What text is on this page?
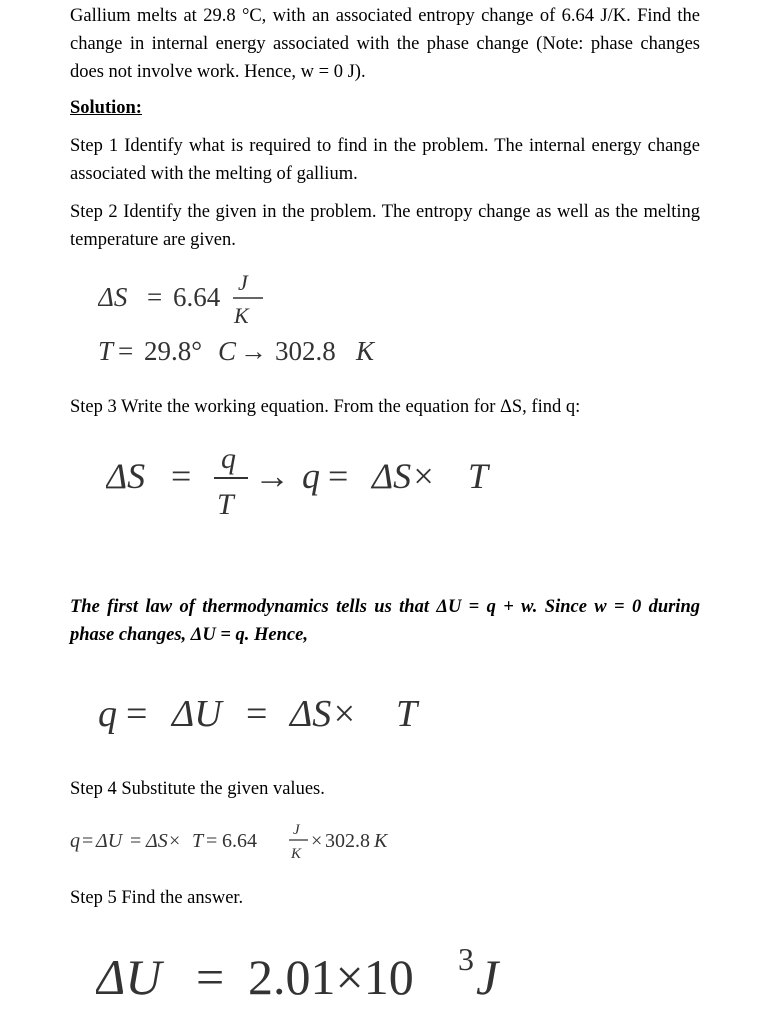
Gallium melts at 29.8 °C, with an associated entropy change of 6.64 J/K. Find the change in internal energy associated with the phase change (Note: phase changes does not involve work. Hence, w = 0 J).
Solution:
Step 1 Identify what is required to find in the problem. The internal energy change associated with the melting of gallium.
Step 2 Identify the given in the problem. The entropy change as well as the melting temperature are given.
ΔS = 6.64 J
K
T = 29.8° C → 302.8 K
Step 3 Write the working equation. From the equation for ΔS, find q:
ΔS = q
T
→ q = ΔS× T
The first law of thermodynamics tells us that ΔU = q + w. Since w = 0 during phase changes, ΔU = q. Hence,
q = ΔU = ΔS× T
Step 4 Substitute the given values.
q = ΔU = ΔS× T = 6.64 J
K
× 302.8 K
Step 5 Find the answer.
ΔU = 2.01×10 3 J
